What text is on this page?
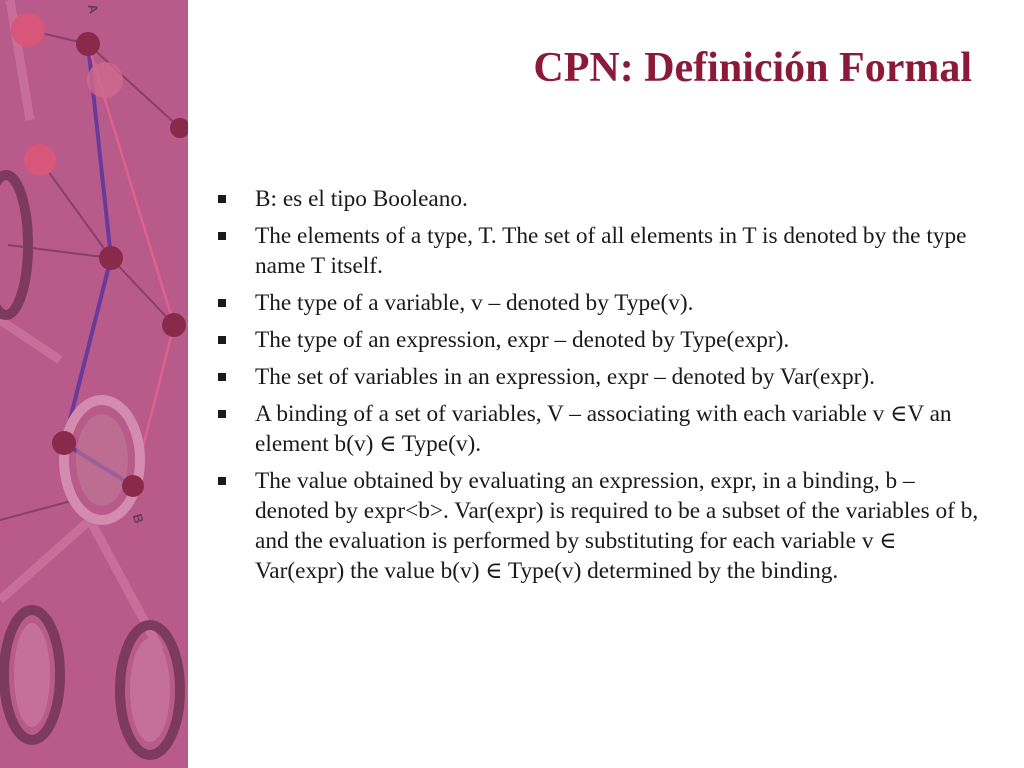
A
B
CPN: Definición Formal
B: es el tipo Booleano.
The elements of a type, T. The set of all elements in T is denoted by the type name T itself.
The type of a variable, v – denoted by Type(v).
The type of an expression, expr – denoted by Type(expr).
The set of variables in an expression, expr – denoted by Var(expr).
A binding of a set of variables, V – associating with each variable v ∈V an element b(v) ∈ Type(v).
The value obtained by evaluating an expression, expr, in a binding, b – denoted by expr<b>. Var(expr) is required to be a subset of the variables of b, and the evaluation is performed by substituting for each variable v ∈ Var(expr) the value b(v) ∈ Type(v) determined by the binding.
